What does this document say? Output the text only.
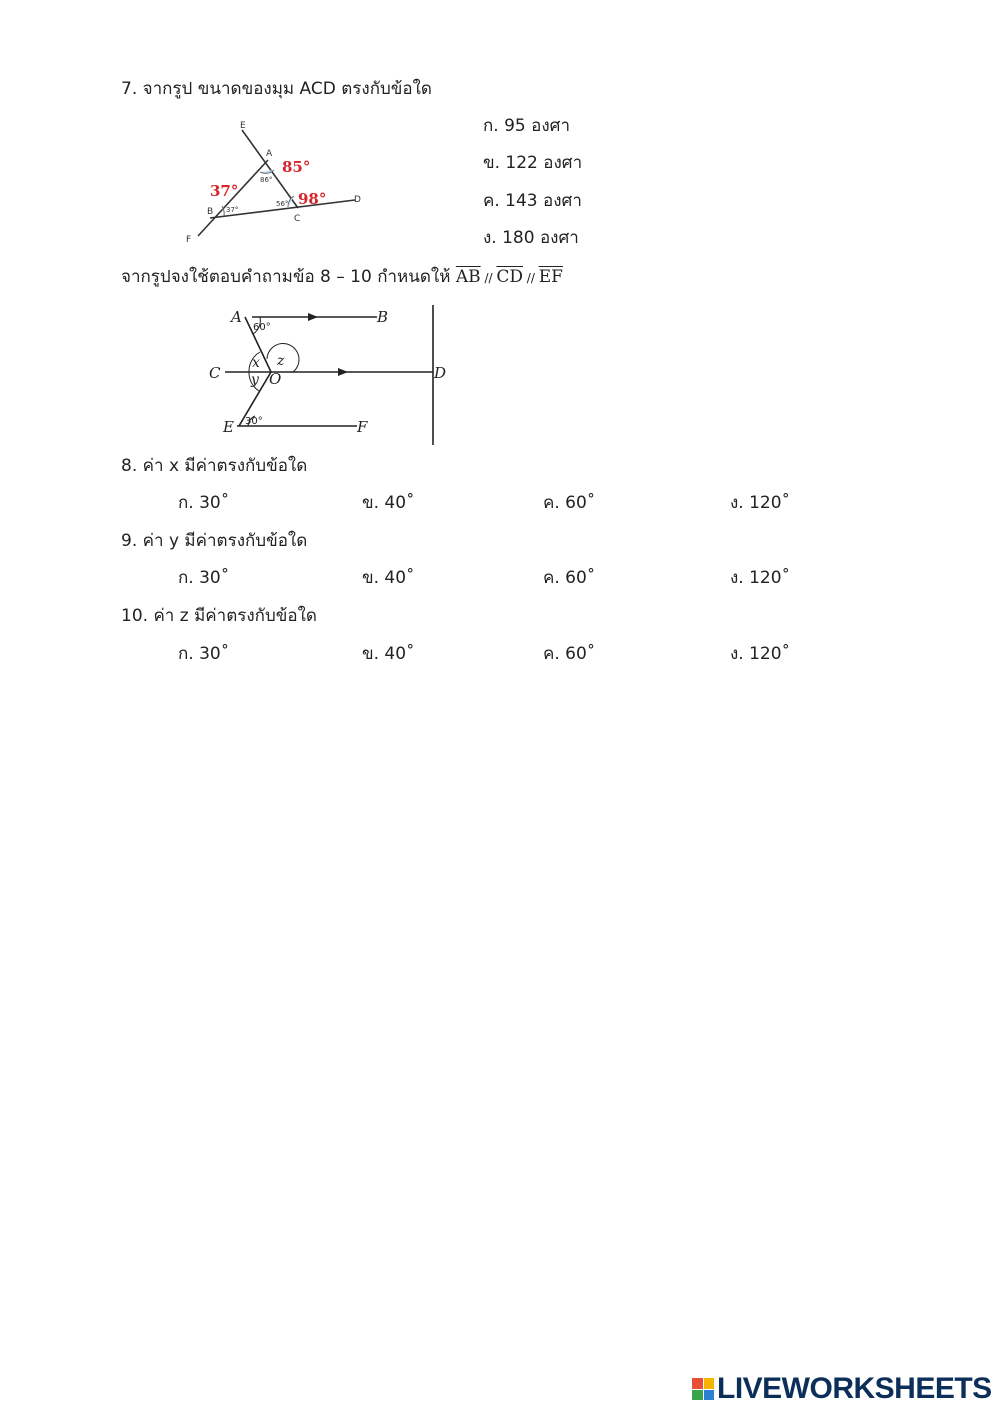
7. จากรูป ขนาดของมุม ACD ตรงกับข้อใด
E
A
B
C
D
F
86°
37°
56°
37°
85°
98°
ก. 95 องศา
ข. 122 องศา
ค. 143 องศา
ง. 180 องศา
จากรูปจงใช้ตอบคำถามข้อ 8 – 10 กำหนดให้ $\overline{AB} // \overline{CD} // \overline{EF}$
A	B
C	D
E	F
O
x
y
z
60°
30°
8. ค่า x มีค่าตรงกับข้อใด
ก. 30˚	ข. 40˚	ค. 60˚	ง. 120˚
9. ค่า y มีค่าตรงกับข้อใด
ก. 30˚	ข. 40˚	ค. 60˚	ง. 120˚
10. ค่า z มีค่าตรงกับข้อใด
ก. 30˚	ข. 40˚	ค. 60˚	ง. 120˚
LIVEWORKSHEETS
